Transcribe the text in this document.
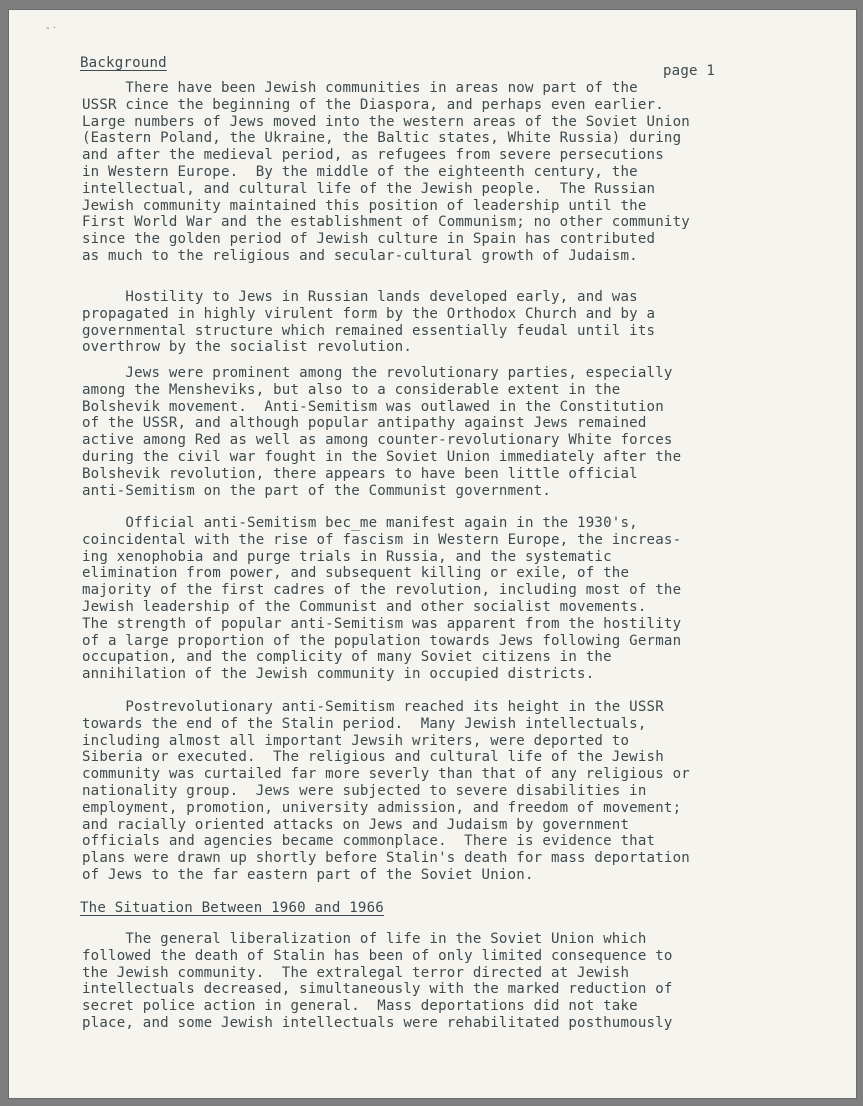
- ·
Background	page 1

There have been Jewish communities in areas now part of the
USSR cince the beginning of the Diaspora, and perhaps even earlier.
Large numbers of Jews moved into the western areas of the Soviet Union
(Eastern Poland, the Ukraine, the Baltic states, White Russia) during
and after the medieval period, as refugees from severe persecutions
in Western Europe.  By the middle of the eighteenth century, the
intellectual, and cultural life of the Jewish people.  The Russian
Jewish community maintained this position of leadership until the
First World War and the establishment of Communism; no other community
since the golden period of Jewish culture in Spain has contributed
as much to the religious and secular-cultural growth of Judaism.

Hostility to Jews in Russian lands developed early, and was
propagated in highly virulent form by the Orthodox Church and by a
governmental structure which remained essentially feudal until its
overthrow by the socialist revolution.

Jews were prominent among the revolutionary parties, especially
among the Mensheviks, but also to a considerable extent in the
Bolshevik movement.  Anti-Semitism was outlawed in the Constitution
of the USSR, and although popular antipathy against Jews remained
active among Red as well as among counter-revolutionary White forces
during the civil war fought in the Soviet Union immediately after the
Bolshevik revolution, there appears to have been little official
anti-Semitism on the part of the Communist government.

Official anti-Semitism bec_me manifest again in the 1930's,
coincidental with the rise of fascism in Western Europe, the increas-
ing xenophobia and purge trials in Russia, and the systematic
elimination from power, and subsequent killing or exile, of the
majority of the first cadres of the revolution, including most of the
Jewish leadership of the Communist and other socialist movements.
The strength of popular anti-Semitism was apparent from the hostility
of a large proportion of the population towards Jews following German
occupation, and the complicity of many Soviet citizens in the
annihilation of the Jewish community in occupied districts.

Postrevolutionary anti-Semitism reached its height in the USSR
towards the end of the Stalin period.  Many Jewish intellectuals,
including almost all important Jewsih writers, were deported to
Siberia or executed.  The religious and cultural life of the Jewish
community was curtailed far more severly than that of any religious or
nationality group.  Jews were subjected to severe disabilities in
employment, promotion, university admission, and freedom of movement;
and racially oriented attacks on Jews and Judaism by government
officials and agencies became commonplace.  There is evidence that
plans were drawn up shortly before Stalin's death for mass deportation
of Jews to the far eastern part of the Soviet Union.

The Situation Between 1960 and 1966

The general liberalization of life in the Soviet Union which
followed the death of Stalin has been of only limited consequence to
the Jewish community.  The extralegal terror directed at Jewish
intellectuals decreased, simultaneously with the marked reduction of
secret police action in general.  Mass deportations did not take
place, and some Jewish intellectuals were rehabilitated posthumously
